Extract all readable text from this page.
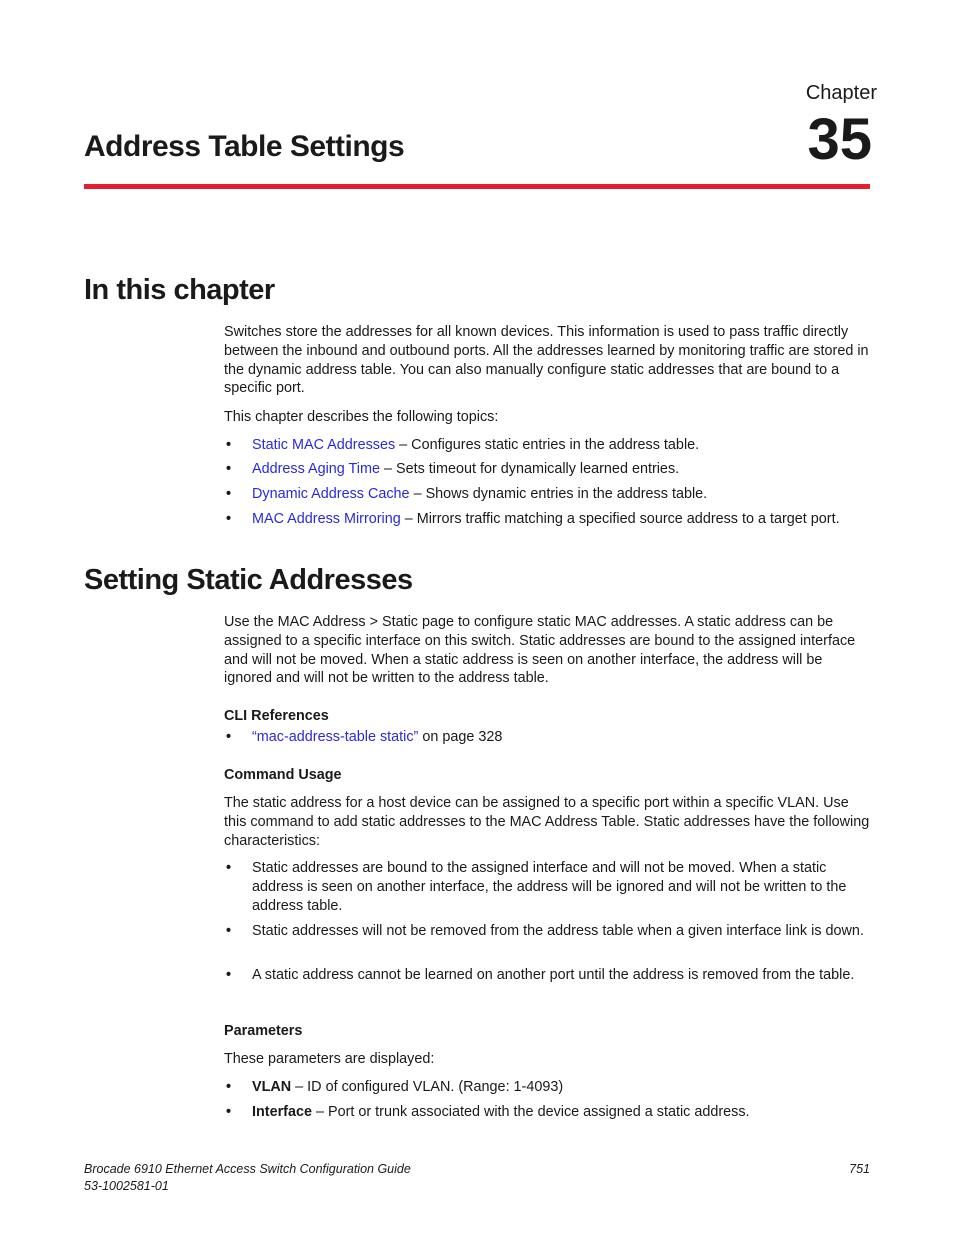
Chapter
35
Address Table Settings
In this chapter
Switches store the addresses for all known devices. This information is used to pass traffic directly between the inbound and outbound ports. All the addresses learned by monitoring traffic are stored in the dynamic address table. You can also manually configure static addresses that are bound to a specific port.
This chapter describes the following topics:
• Static MAC Addresses – Configures static entries in the address table.
• Address Aging Time – Sets timeout for dynamically learned entries.
• Dynamic Address Cache – Shows dynamic entries in the address table.
• MAC Address Mirroring – Mirrors traffic matching a specified source address to a target port.
Setting Static Addresses
Use the MAC Address > Static page to configure static MAC addresses. A static address can be assigned to a specific interface on this switch. Static addresses are bound to the assigned interface and will not be moved. When a static address is seen on another interface, the address will be ignored and will not be written to the address table.
CLI References
• “mac-address-table static” on page 328
Command Usage
The static address for a host device can be assigned to a specific port within a specific VLAN. Use this command to add static addresses to the MAC Address Table. Static addresses have the following characteristics:
• Static addresses are bound to the assigned interface and will not be moved. When a static address is seen on another interface, the address will be ignored and will not be written to the address table.
• Static addresses will not be removed from the address table when a given interface link is down.
• A static address cannot be learned on another port until the address is removed from the table.
Parameters
These parameters are displayed:
• VLAN – ID of configured VLAN. (Range: 1-4093)
• Interface – Port or trunk associated with the device assigned a static address.
Brocade 6910 Ethernet Access Switch Configuration Guide
53-1002581-01
751
